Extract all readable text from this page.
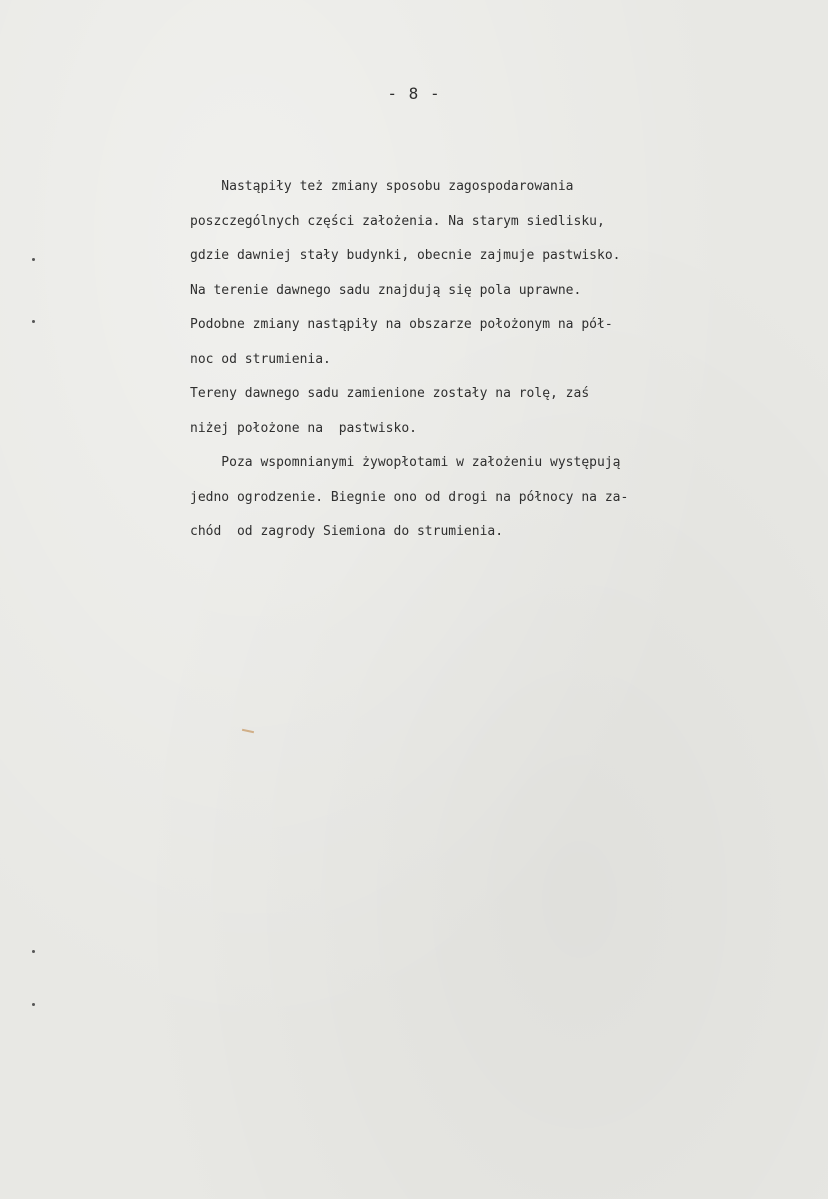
- 8 -
Nastąpiły też zmiany sposobu zagospodarowania
poszczególnych części założenia. Na starym siedlisku,
gdzie dawniej stały budynki, obecnie zajmuje pastwisko.
Na terenie dawnego sadu znajdują się pola uprawne.
Podobne zmiany nastąpiły na obszarze położonym na pół-
noc od strumienia.
Tereny dawnego sadu zamienione zostały na rolę, zaś
niżej położone na  pastwisko.
Poza wspomnianymi żywopłotami w założeniu występują
jedno ogrodzenie. Biegnie ono od drogi na północy na za-
chód  od zagrody Siemiona do strumienia.
